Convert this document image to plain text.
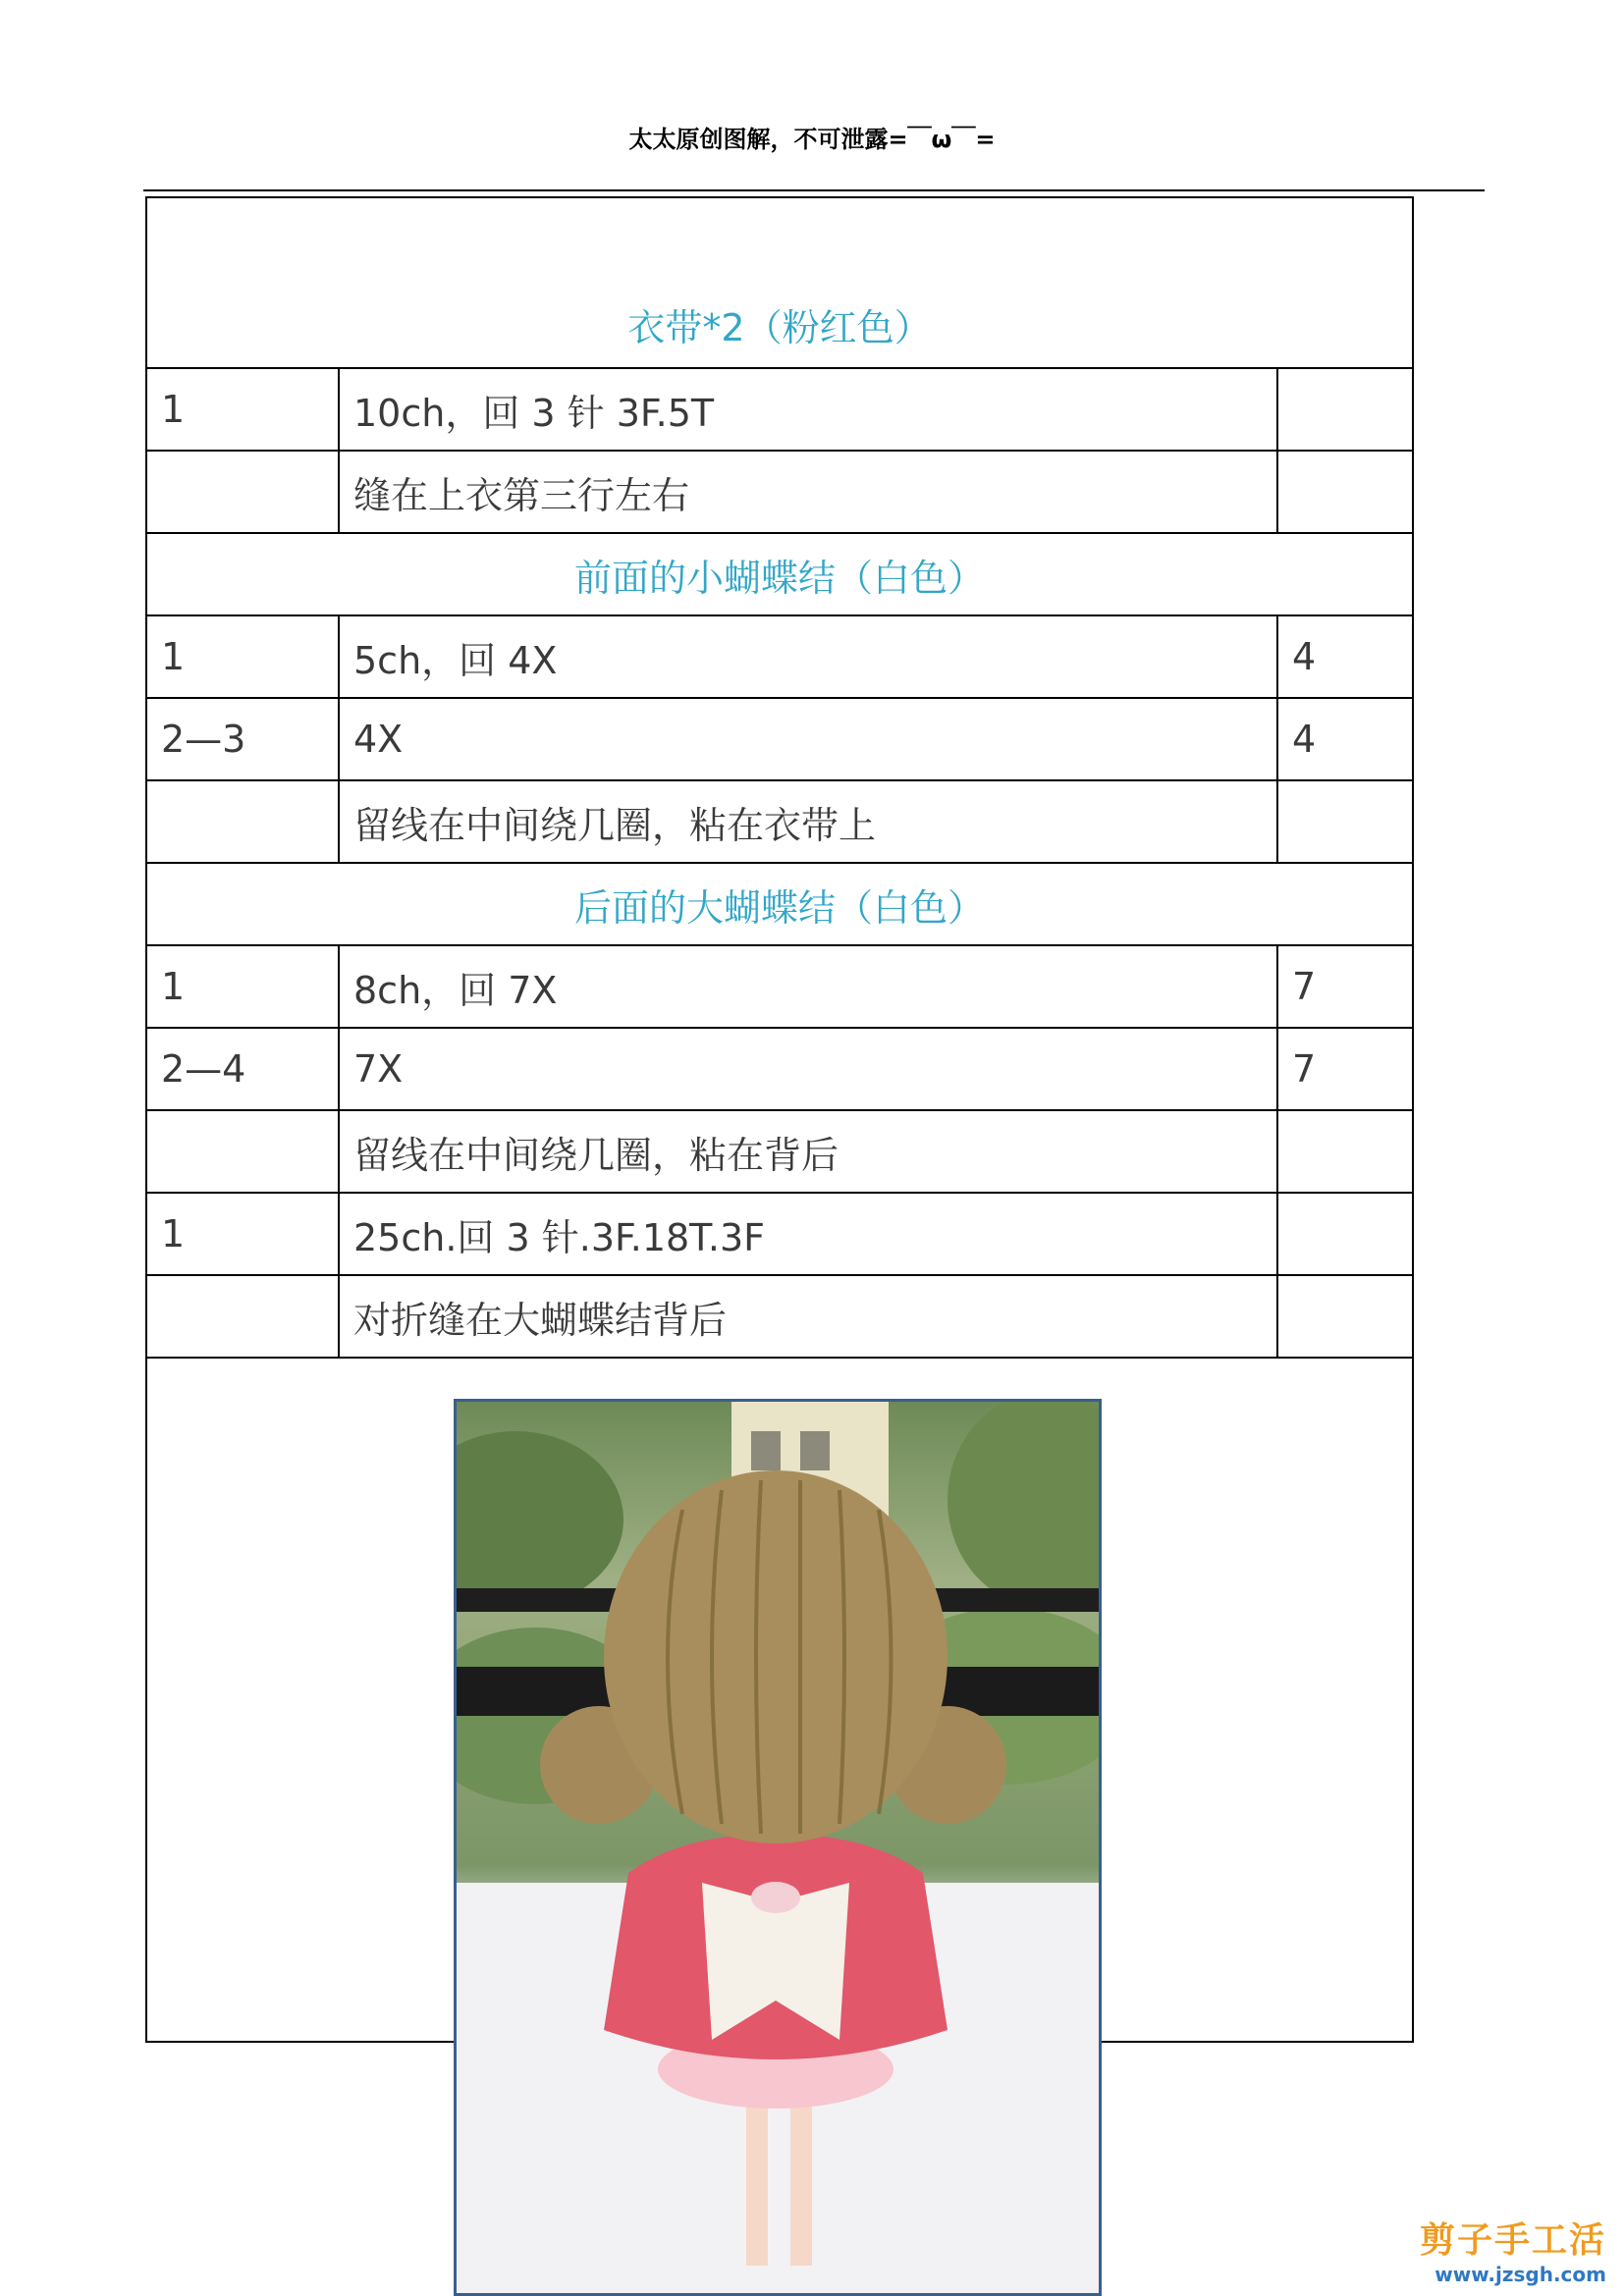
太太原创图解，不可泄露=￣ω￣=
衣带*2（粉红色）		
1	10ch，回 3 针 3F.5T	
	缝在上衣第三行左右	
前面的小蝴蝶结（白色）		
1	5ch，回 4X	4
2—3	4X	4
	留线在中间绕几圈，粘在衣带上	
后面的大蝴蝶结（白色）		
1	8ch，回 7X	7
2—4	7X	7
	留线在中间绕几圈，粘在背后	
1	25ch.回 3 针.3F.18T.3F	
	对折缝在大蝴蝶结背后	

剪子手工活
www.jzsgh.com
